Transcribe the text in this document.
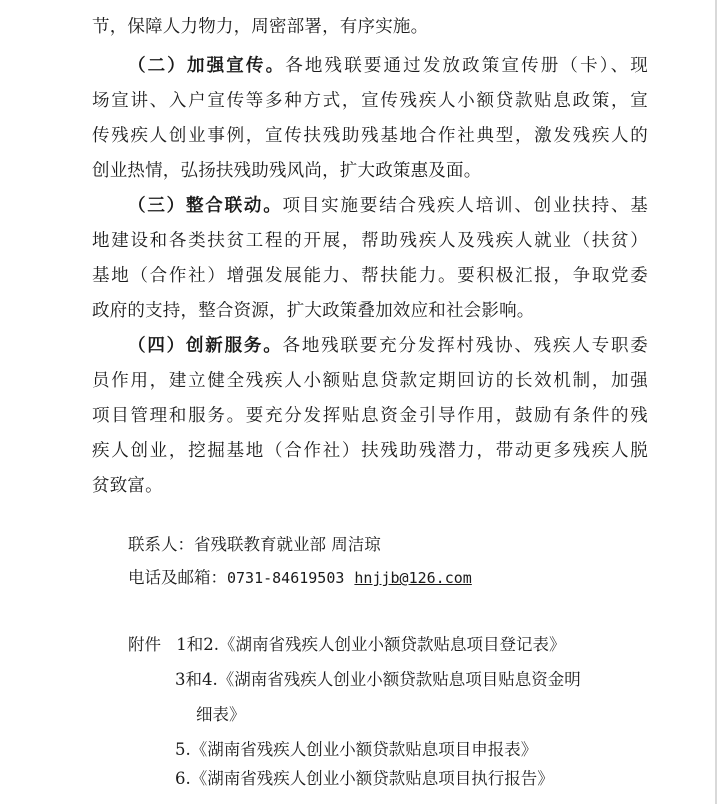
节，保障人力物力，周密部署，有序实施。
（二）加强宣传。各地残联要通过发放政策宣传册（卡）、现
场宣讲、入户宣传等多种方式，宣传残疾人小额贷款贴息政策，宣
传残疾人创业事例，宣传扶残助残基地合作社典型，激发残疾人的
创业热情，弘扬扶残助残风尚，扩大政策惠及面。
（三）整合联动。项目实施要结合残疾人培训、创业扶持、基
地建设和各类扶贫工程的开展，帮助残疾人及残疾人就业（扶贫）
基地（合作社）增强发展能力、帮扶能力。要积极汇报，争取党委
政府的支持，整合资源，扩大政策叠加效应和社会影响。
（四）创新服务。各地残联要充分发挥村残协、残疾人专职委
员作用，建立健全残疾人小额贴息贷款定期回访的长效机制，加强
项目管理和服务。要充分发挥贴息资金引导作用，鼓励有条件的残
疾人创业，挖掘基地（合作社）扶残助残潜力，带动更多残疾人脱
贫致富。
联系人：省残联教育就业部 周洁琼
电话及邮箱：0731-84619503 hnjjb@126.com
附件 1和2.《湖南省残疾人创业小额贷款贴息项目登记表》
3和4.《湖南省残疾人创业小额贷款贴息项目贴息资金明
细表》
5.《湖南省残疾人创业小额贷款贴息项目申报表》
6.《湖南省残疾人创业小额贷款贴息项目执行报告》
